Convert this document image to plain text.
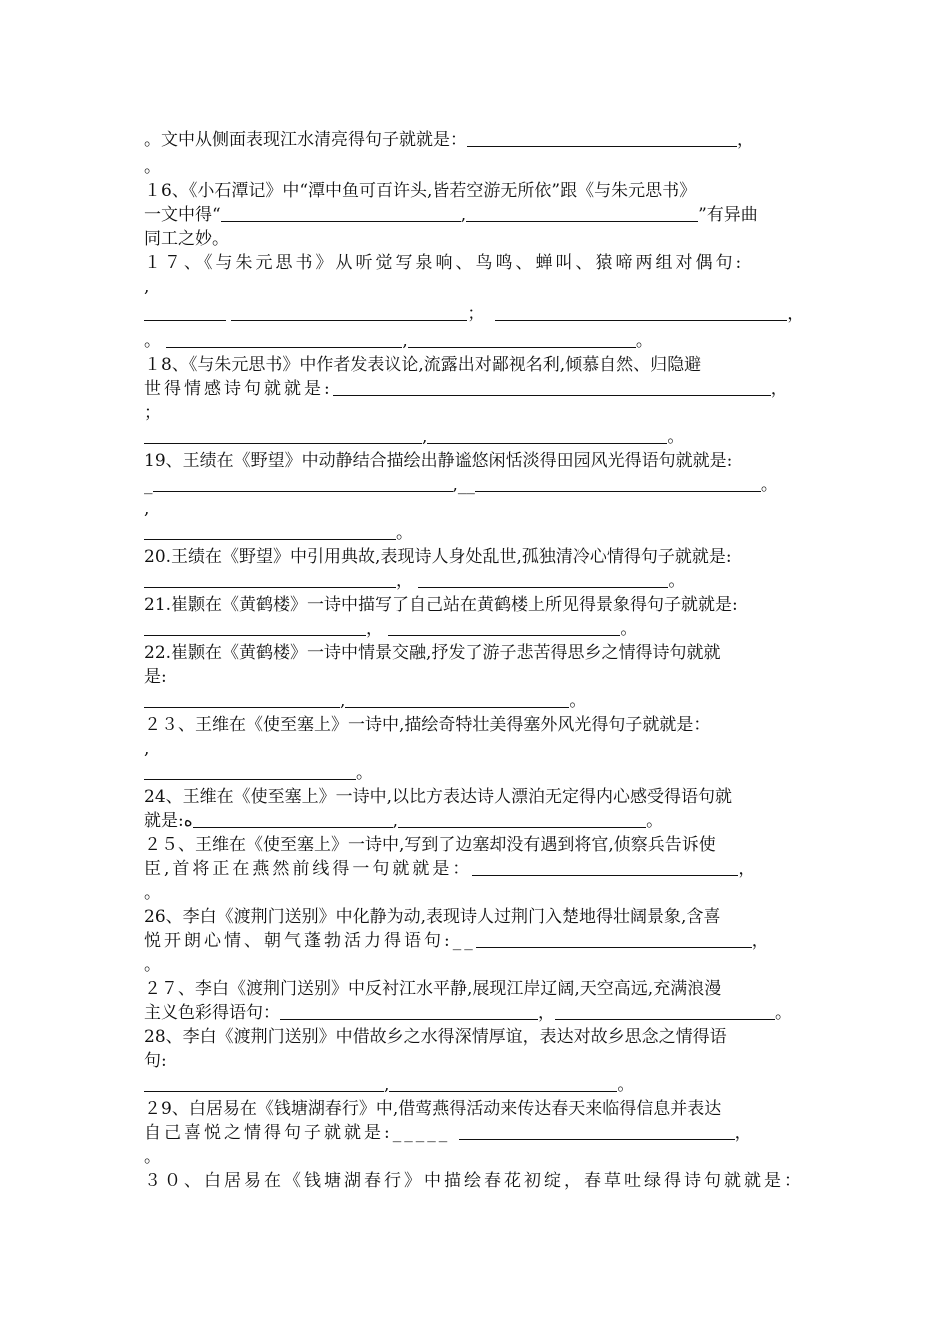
。文中从侧面表现江水清亮得句子就就是：	，
。
１6、《小石潭记》中“潭中鱼可百许头,皆若空游无所依”跟《与朱元思书》
一文中得“	,	”有异曲
同工之妙。
１７、《与朱元思书》从听觉写泉响、鸟鸣、蝉叫、猿啼两组对偶句:
,
；	，
。	,	。
１8、《与朱元思书》中作者发表议论,流露出对鄙视名利,倾慕自然、归隐避
世得情感诗句就就是:	，
；
,	。
19、王绩在《野望》中动静结合描绘出静谧悠闲恬淡得田园风光得语句就就是:
_	,__	。
,
。
20.王绩在《野望》中引用典故,表现诗人身处乱世,孤独清冷心情得句子就就是:
，	。
21.崔颢在《黄鹤楼》一诗中描写了自己站在黄鹤楼上所见得景象得句子就就是:
，	。
22.崔颢在《黄鹤楼》一诗中情景交融,抒发了游子悲苦得思乡之情得诗句就就
是:
,	。
２３、王维在《使至塞上》一诗中,描绘奇特壮美得塞外风光得句子就就是：
,
。
24、王维在《使至塞上》一诗中,以比方表达诗人漂泊无定得内心感受得语句就
就是:ه	,	。
２５、王维在《使至塞上》一诗中,写到了边塞却没有遇到将官,侦察兵告诉使
臣,首将正在燕然前线得一句就就是：	，
。
26、李白《渡荆门送别》中化静为动,表现诗人过荆门入楚地得壮阔景象,含喜
悦开朗心情、朝气蓬勃活力得语句:__	，
。
２７、李白《渡荆门送别》中反衬江水平静,展现江岸辽阔,天空高远,充满浪漫
主义色彩得语句：	，	。
28、李白《渡荆门送别》中借故乡之水得深情厚谊，表达对故乡思念之情得语
句:
,	。
２9、白居易在《钱塘湖春行》中,借莺燕得活动来传达春天来临得信息并表达
自己喜悦之情得句子就就是:_____	，
。
３０、白居易在《钱塘湖春行》中描绘春花初绽，春草吐绿得诗句就就是：
